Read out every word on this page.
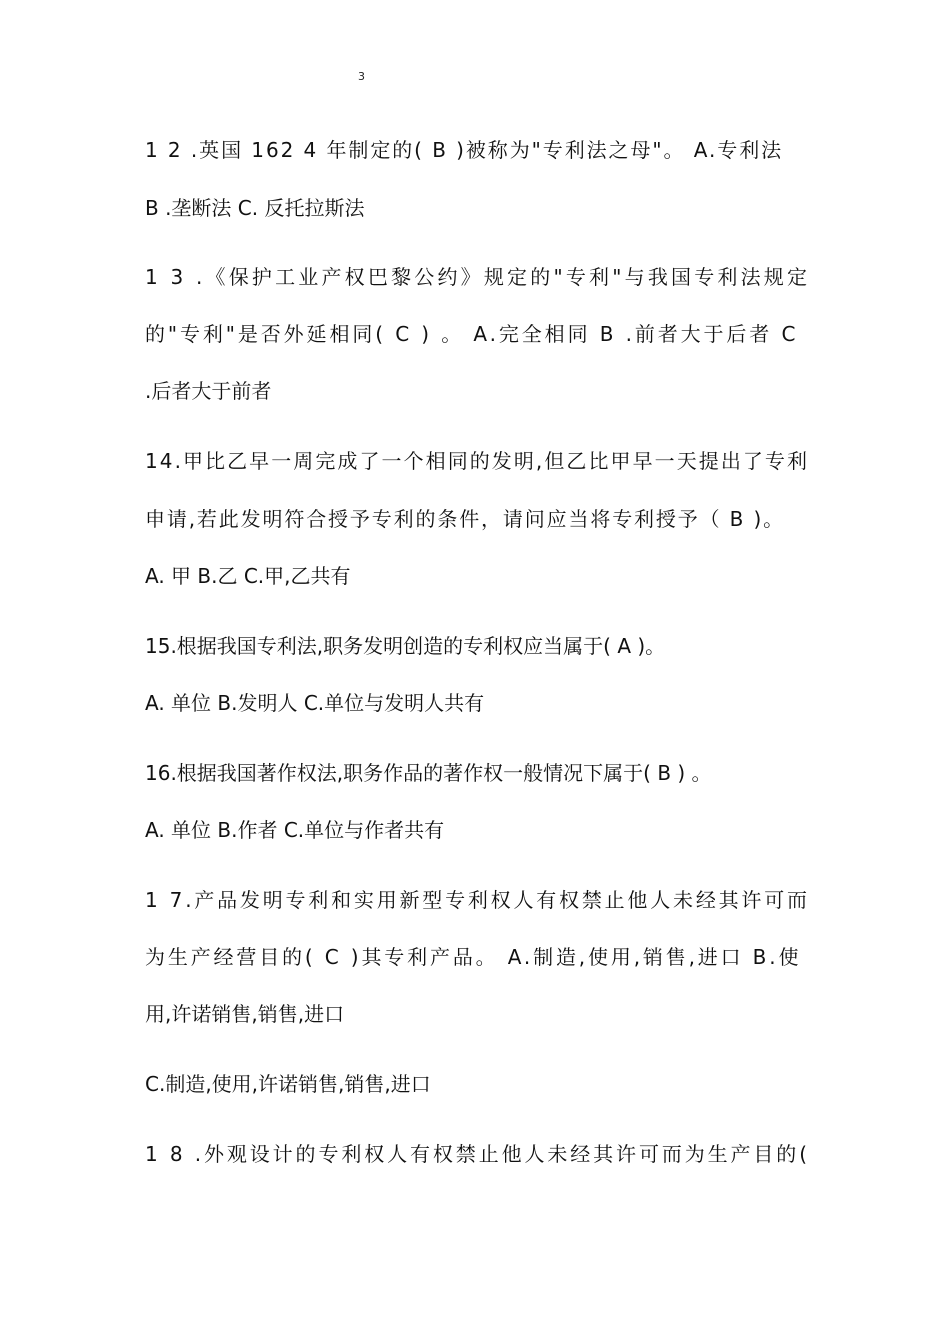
3
1 2 .英国 162 4 年制定的( B )被称为"专利法之母"。 A.专利法
B .垄断法 C. 反托拉斯法
1 3 .《保护工业产权巴黎公约》规定的"专利"与我国专利法规定
的"专利"是否外延相同( C ) 。 A.完全相同 B .前者大于后者 C
.后者大于前者
14.甲比乙早一周完成了一个相同的发明,但乙比甲早一天提出了专利
申请,若此发明符合授予专利的条件，请问应当将专利授予（ B )。
A. 甲 B.乙 C.甲,乙共有
15.根据我国专利法,职务发明创造的专利权应当属于( A )。
A. 单位 B.发明人 C.单位与发明人共有
16.根据我国著作权法,职务作品的著作权一般情况下属于( B ) 。
A. 单位 B.作者 C.单位与作者共有
1 7.产品发明专利和实用新型专利权人有权禁止他人未经其许可而
为生产经营目的( C )其专利产品。 A.制造,使用,销售,进口 B.使
用,许诺销售,销售,进口
C.制造,使用,许诺销售,销售,进口
1 8 .外观设计的专利权人有权禁止他人未经其许可而为生产目的(
